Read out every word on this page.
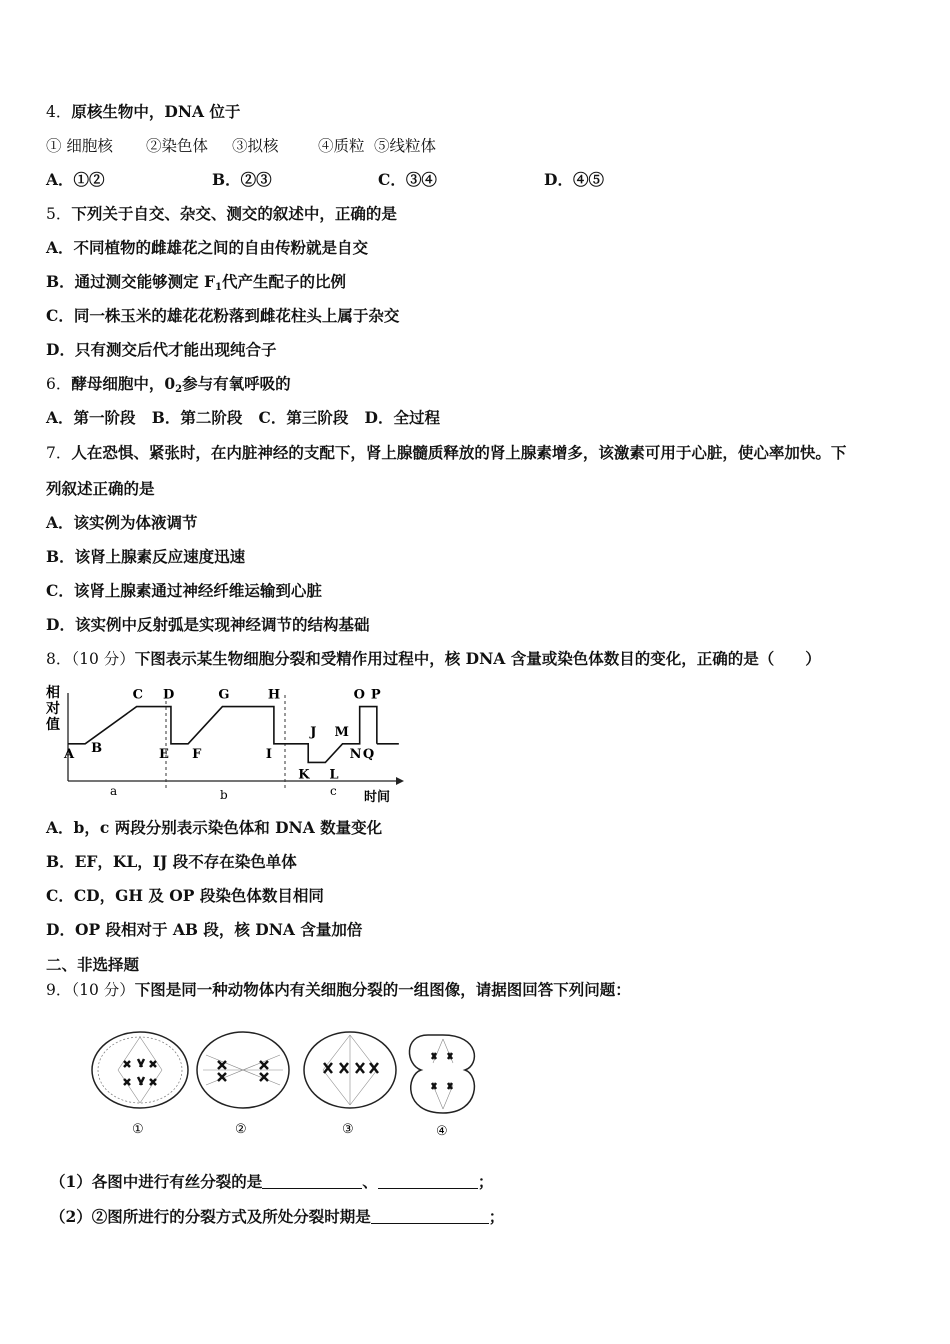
4．原核生物中，DNA 位于
① 细胞核 ②染色体 ③拟核	④质粒 ⑤线粒体
A．①②	B．②③	C．③④	D．④⑤
5．下列关于自交、杂交、测交的叙述中，正确的是
A．不同植物的雌雄花之间的自由传粉就是自交
B．通过测交能够测定 $F_1$代产生配子的比例
C．同一株玉米的雄花花粉落到雌花柱头上属于杂交
D．只有测交后代才能出现纯合子
6．酵母细胞中，$0_2$参与有氧呼吸的
A．第一阶段   B．第二阶段   C．第三阶段   D．全过程
7．人在恐惧、紧张时，在内脏神经的支配下，肾上腺髓质释放的肾上腺素增多，该激素可用于心脏，使心率加快。下
列叙述正确的是
A．该实例为体液调节
B．该肾上腺素反应速度迅速
C．该肾上腺素通过神经纤维运输到心脏
D．该实例中反射弧是实现神经调节的结构基础
8．（10 分）下图表示某生物细胞分裂和受精作用过程中，核 DNA 含量或染色体数目的变化，正确的是（　　）
相
对
值
时间
a	b	c
A B
C D
E F
G	H
I
J
K L
M
N
O P
Q
A．b，c 两段分别表示染色体和 DNA 数量变化
B．EF，KL，IJ 段不存在染色单体
C．CD，GH 及 OP 段染色体数目相同
D．OP 段相对于 AB 段，核 DNA 含量加倍
二、非选择题
9．（10 分）下图是同一种动物体内有关细胞分裂的一组图像，请据图回答下列问题：
①	②	③	④
（1）各图中进行有丝分裂的是	、	；
（2）②图所进行的分裂方式及所处分裂时期是	；
